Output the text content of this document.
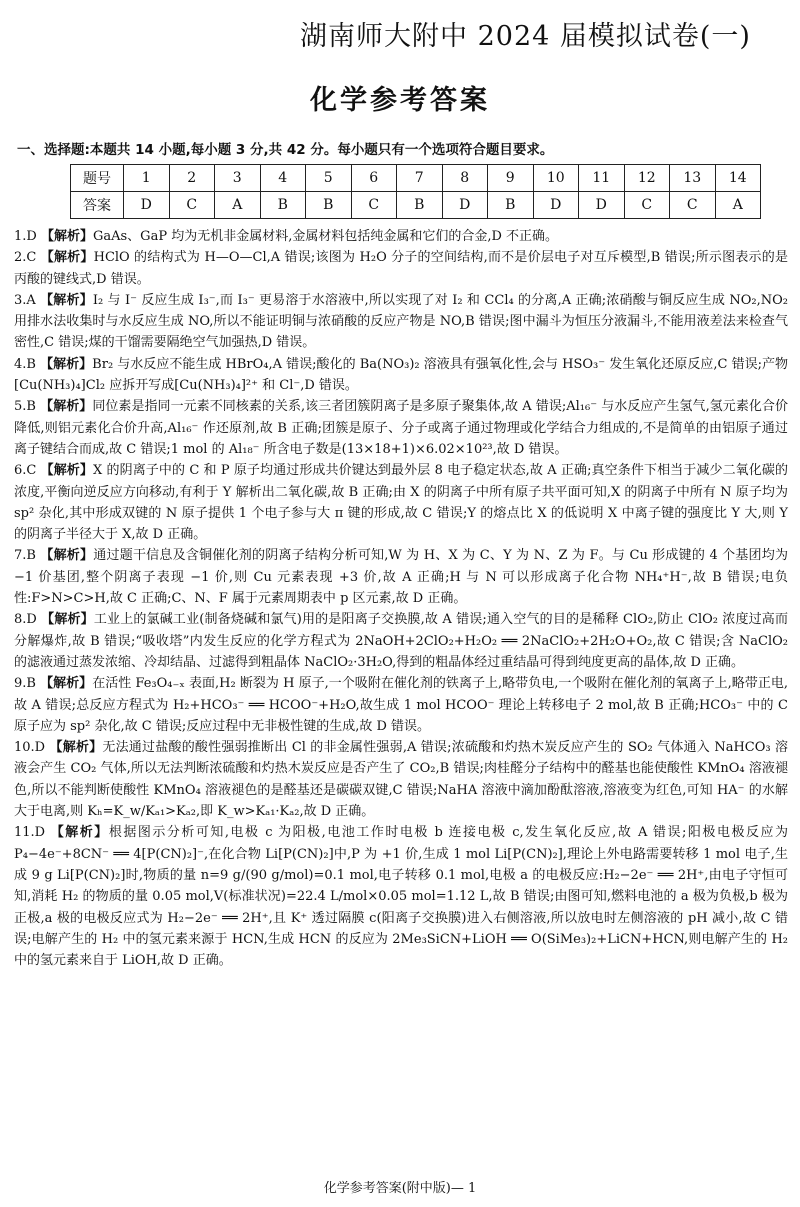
湖南师大附中 2024 届模拟试卷(一)
化学参考答案
一、选择题:本题共 14 小题,每小题 3 分,共 42 分。每小题只有一个选项符合题目要求。
题号	1	2	3	4	5	6	7	8	9	10	11	12	13	14
答案	D	C	A	B	B	C	B	D	B	D	D	C	C	A

1.D 【解析】GaAs、GaP 均为无机非金属材料,金属材料包括纯金属和它们的合金,D 不正确。

2.C 【解析】HClO 的结构式为 H—O—Cl,A 错误;该图为 H₂O 分子的空间结构,而不是价层电子对互斥模型,B 错误;所示图表示的是丙酸的键线式,D 错误。

3.A 【解析】I₂ 与 I⁻ 反应生成 I₃⁻,而 I₃⁻ 更易溶于水溶液中,所以实现了对 I₂ 和 CCl₄ 的分离,A 正确;浓硝酸与铜反应生成 NO₂,NO₂ 用排水法收集时与水反应生成 NO,所以不能证明铜与浓硝酸的反应产物是 NO,B 错误;图中漏斗为恒压分液漏斗,不能用液差法来检查气密性,C 错误;煤的干馏需要隔绝空气加强热,D 错误。

4.B 【解析】Br₂ 与水反应不能生成 HBrO₄,A 错误;酸化的 Ba(NO₃)₂ 溶液具有强氧化性,会与 HSO₃⁻ 发生氧化还原反应,C 错误;产物[Cu(NH₃)₄]Cl₂ 应拆开写成[Cu(NH₃)₄]²⁺ 和 Cl⁻,D 错误。

5.B 【解析】同位素是指同一元素不同核素的关系,该三者团簇阴离子是多原子聚集体,故 A 错误;Al₁₆⁻ 与水反应产生氢气,氢元素化合价降低,则铝元素化合价升高,Al₁₆⁻ 作还原剂,故 B 正确;团簇是原子、分子或离子通过物理或化学结合力组成的,不是简单的由铝原子通过离子键结合而成,故 C 错误;1 mol 的 Al₁₈⁻ 所含电子数是(13×18+1)×6.02×10²³,故 D 错误。

6.C 【解析】X 的阴离子中的 C 和 P 原子均通过形成共价键达到最外层 8 电子稳定状态,故 A 正确;真空条件下相当于减少二氧化碳的浓度,平衡向逆反应方向移动,有利于 Y 解析出二氧化碳,故 B 正确;由 X 的阴离子中所有原子共平面可知,X 的阴离子中所有 N 原子均为 sp² 杂化,其中形成双键的 N 原子提供 1 个电子参与大 π 键的形成,故 C 错误;Y 的熔点比 X 的低说明 X 中离子键的强度比 Y 大,则 Y 的阴离子半径大于 X,故 D 正确。

7.B 【解析】通过题干信息及含铜催化剂的阴离子结构分析可知,W 为 H、X 为 C、Y 为 N、Z 为 F。与 Cu 形成键的 4 个基团均为 −1 价基团,整个阴离子表现 −1 价,则 Cu 元素表现 +3 价,故 A 正确;H 与 N 可以形成离子化合物 NH₄⁺H⁻,故 B 错误;电负性:F>N>C>H,故 C 正确;C、N、F 属于元素周期表中 p 区元素,故 D 正确。

8.D 【解析】工业上的氯碱工业(制备烧碱和氯气)用的是阳离子交换膜,故 A 错误;通入空气的目的是稀释 ClO₂,防止 ClO₂ 浓度过高而分解爆炸,故 B 错误;“吸收塔”内发生反应的化学方程式为 2NaOH+2ClO₂+H₂O₂ ══ 2NaClO₂+2H₂O+O₂,故 C 错误;含 NaClO₂ 的滤液通过蒸发浓缩、冷却结晶、过滤得到粗晶体 NaClO₂·3H₂O,得到的粗晶体经过重结晶可得到纯度更高的晶体,故 D 正确。

9.B 【解析】在活性 Fe₃O₄₋ₓ 表面,H₂ 断裂为 H 原子,一个吸附在催化剂的铁离子上,略带负电,一个吸附在催化剂的氧离子上,略带正电,故 A 错误;总反应方程式为 H₂+HCO₃⁻ ══ HCOO⁻+H₂O,故生成 1 mol HCOO⁻ 理论上转移电子 2 mol,故 B 正确;HCO₃⁻ 中的 C 原子应为 sp² 杂化,故 C 错误;反应过程中无非极性键的生成,故 D 错误。

10.D 【解析】无法通过盐酸的酸性强弱推断出 Cl 的非金属性强弱,A 错误;浓硫酸和灼热木炭反应产生的 SO₂ 气体通入 NaHCO₃ 溶液会产生 CO₂ 气体,所以无法判断浓硫酸和灼热木炭反应是否产生了 CO₂,B 错误;肉桂醛分子结构中的醛基也能使酸性 KMnO₄ 溶液褪色,所以不能判断使酸性 KMnO₄ 溶液褪色的是醛基还是碳碳双键,C 错误;NaHA 溶液中滴加酚酞溶液,溶液变为红色,可知 HA⁻ 的水解大于电离,则 Kₕ=K_w/Kₐ₁>Kₐ₂,即 K_w>Kₐ₁·Kₐ₂,故 D 正确。

11.D 【解析】根据图示分析可知,电极 c 为阳极,电池工作时电极 b 连接电极 c,发生氧化反应,故 A 错误;阳极电极反应为 P₄−4e⁻+8CN⁻ ══ 4[P(CN)₂]⁻,在化合物 Li[P(CN)₂]中,P 为 +1 价,生成 1 mol Li[P(CN)₂],理论上外电路需要转移 1 mol 电子,生成 9 g Li[P(CN)₂]时,物质的量 n=9 g/(90 g/mol)=0.1 mol,电子转移 0.1 mol,电极 a 的电极反应:H₂−2e⁻ ══ 2H⁺,由电子守恒可知,消耗 H₂ 的物质的量 0.05 mol,V(标准状况)=22.4 L/mol×0.05 mol=1.12 L,故 B 错误;由图可知,燃料电池的 a 极为负极,b 极为正极,a 极的电极反应式为 H₂−2e⁻ ══ 2H⁺,且 K⁺ 透过隔膜 c(阳离子交换膜)进入右侧溶液,所以放电时左侧溶液的 pH 减小,故 C 错误;电解产生的 H₂ 中的氢元素来源于 HCN,生成 HCN 的反应为 2Me₃SiCN+LiOH ══ O(SiMe₃)₂+LiCN+HCN,则电解产生的 H₂ 中的氢元素来自于 LiOH,故 D 正确。

化学参考答案(附中版)— 1
